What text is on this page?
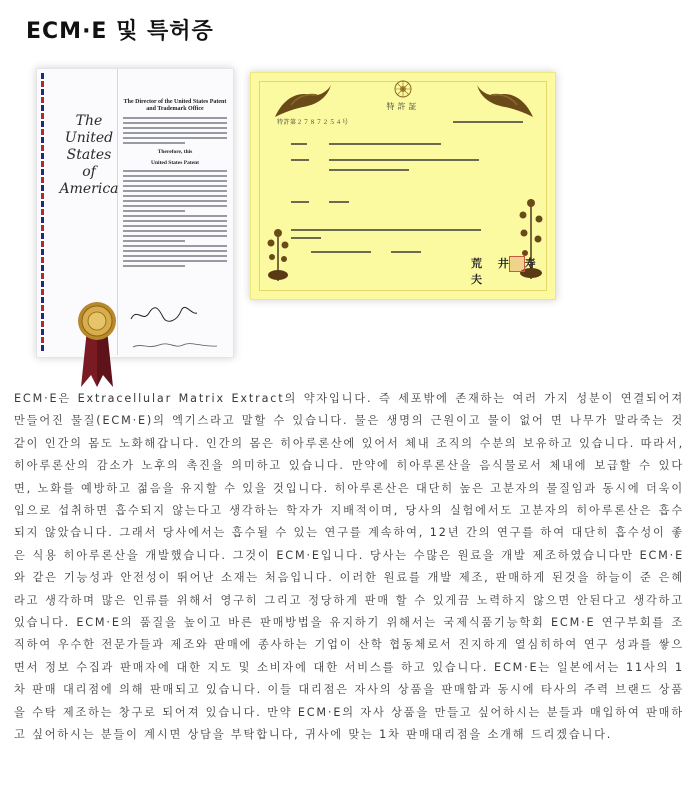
ECM·E 및 특허증
The
United
States
of
America
The Director of the United States Patent and Trademark Office
Therefore, this
United States Patent
特許証
特許第２７８７２５４号
荒 井 寿 夫

ECM·E은 Extracellular Matrix Extract의 약자입니다. 즉 세포밖에 존재하는 여러 가지 성분이 연결되어져 만들어진 물질(ECM·E)의 엑기스라고 말할 수 있습니다. 물은 생명의 근원이고 물이 없어 면 나무가 말라죽는 것 같이 인간의 몸도 노화해갑니다. 인간의 몸은 히아루론산에 있어서 체내 조직의 수분의 보유하고 있습니다. 따라서, 히아루론산의 감소가 노후의 촉진을 의미하고 있습니다. 만약에 히아루론산을 음식물로서 체내에 보급할 수 있다면, 노화를 예방하고 젊음을 유지할 수 있을 것입니다. 히아루론산은 대단히 높은 고분자의 물질임과 동시에 더욱이 입으로 섭취하면 흡수되지 않는다고 생각하는 학자가 지배적이며, 당사의 실험에서도 고분자의 히아루론산은 흡수되지 않았습니다. 그래서 당사에서는 흡수될 수 있는 연구를 계속하여, 12년 간의 연구를 하여 대단히 흡수성이 좋은 식용 히아루론산을 개발했습니다. 그것이 ECM·E입니다. 당사는 수많은 원료을 개발 제조하였습니다만 ECM·E와 같은 기능성과 안전성이 뛰어난 소재는 처음입니다. 이러한 원료를 개발 제조, 판매하게 된것을 하늘이 준 은혜라고 생각하며 많은 인류를 위해서 영구히 그리고 정당하게 판매 할 수 있게끔 노력하지 않으면 안된다고 생각하고 있습니다. ECM·E의 품질을 높이고 바른 판매방법을 유지하기 위해서는 국제식품기능학회 ECM·E 연구부회를 조직하여 우수한 전문가들과 제조와 판매에 종사하는 기업이 산학 협동체로서 진지하게 열심히하여 연구 성과를 쌓으면서 정보 수집과 판매자에 대한 지도 및 소비자에 대한 서비스를 하고 있습니다. ECM·E는 일본에서는 11사의 1차 판매 대리점에 의해 판매되고 있습니다. 이들 대리점은 자사의 상품을 판매함과 동시에 타사의 주력 브랜드 상품을 수탁 제조하는 창구로 되어져 있습니다. 만약 ECM·E의 자사 상품을 만들고 싶어하시는 분들과 매입하여 판매하고 싶어하시는 분들이 계시면 상담을 부탁합니다, 귀사에 맞는 1차 판매대리점을 소개해 드리겠습니다.
